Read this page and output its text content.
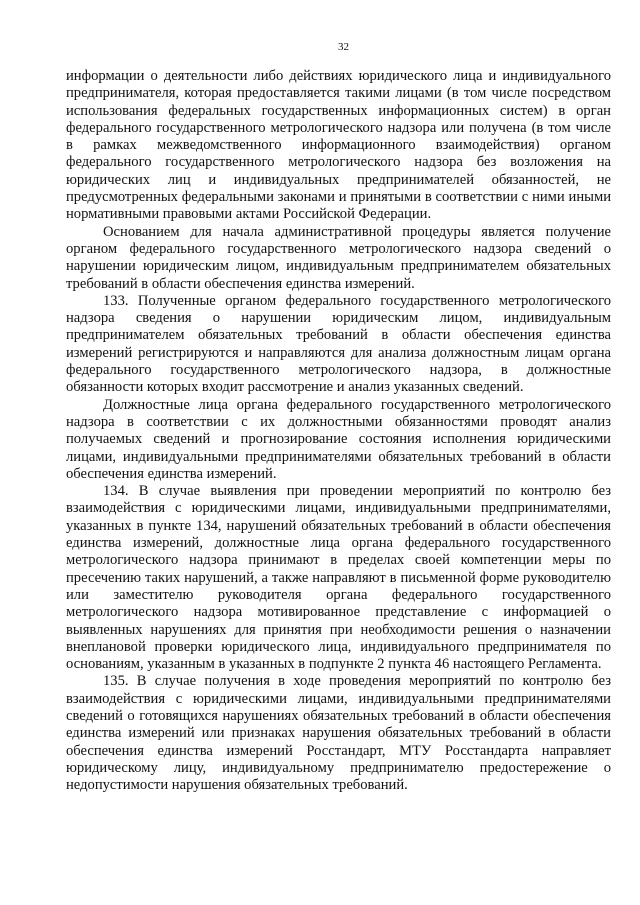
32

информации о деятельности либо действиях юридического лица и индивидуального предпринимателя, которая предоставляется такими лицами (в том числе посредством использования федеральных государственных информационных систем) в орган федерального государственного метрологического надзора или получена (в том числе в рамках межведомственного информационного взаимодействия) органом федерального государственного метрологического надзора без возложения на юридических лиц и индивидуальных предпринимателей обязанностей, не предусмотренных федеральными законами и принятыми в соответствии с ними иными нормативными правовыми актами Российской Федерации.

Основанием для начала административной процедуры является получение органом федерального государственного метрологического надзора сведений о нарушении юридическим лицом, индивидуальным предпринимателем обязательных требований в области обеспечения единства измерений.

133. Полученные органом федерального государственного метрологического надзора сведения о нарушении юридическим лицом, индивидуальным предпринимателем обязательных требований в области обеспечения единства измерений регистрируются и направляются для анализа должностным лицам органа федерального государственного метрологического надзора, в должностные обязанности которых входит рассмотрение и анализ указанных сведений.

Должностные лица органа федерального государственного метрологического надзора в соответствии с их должностными обязанностями проводят анализ получаемых сведений и прогнозирование состояния исполнения юридическими лицами, индивидуальными предпринимателями обязательных требований в области обеспечения единства измерений.

134. В случае выявления при проведении мероприятий по контролю без взаимодействия с юридическими лицами, индивидуальными предпринимателями, указанных в пункте 134, нарушений обязательных требований в области обеспечения единства измерений, должностные лица органа федерального государственного метрологического надзора принимают в пределах своей компетенции меры по пресечению таких нарушений, а также направляют в письменной форме руководителю или заместителю руководителя органа федерального государственного метрологического надзора мотивированное представление с информацией о выявленных нарушениях для принятия при необходимости решения о назначении внеплановой проверки юридического лица, индивидуального предпринимателя по основаниям, указанным в указанных в подпункте 2 пункта 46 настоящего Регламента.

135. В случае получения в ходе проведения мероприятий по контролю без взаимодействия с юридическими лицами, индивидуальными предпринимателями сведений о готовящихся нарушениях обязательных требований в области обеспечения единства измерений или признаках нарушения обязательных требований в области обеспечения единства измерений Росстандарт, МТУ Росстандарта направляет юридическому лицу, индивидуальному предпринимателю предостережение о недопустимости нарушения обязательных требований.
